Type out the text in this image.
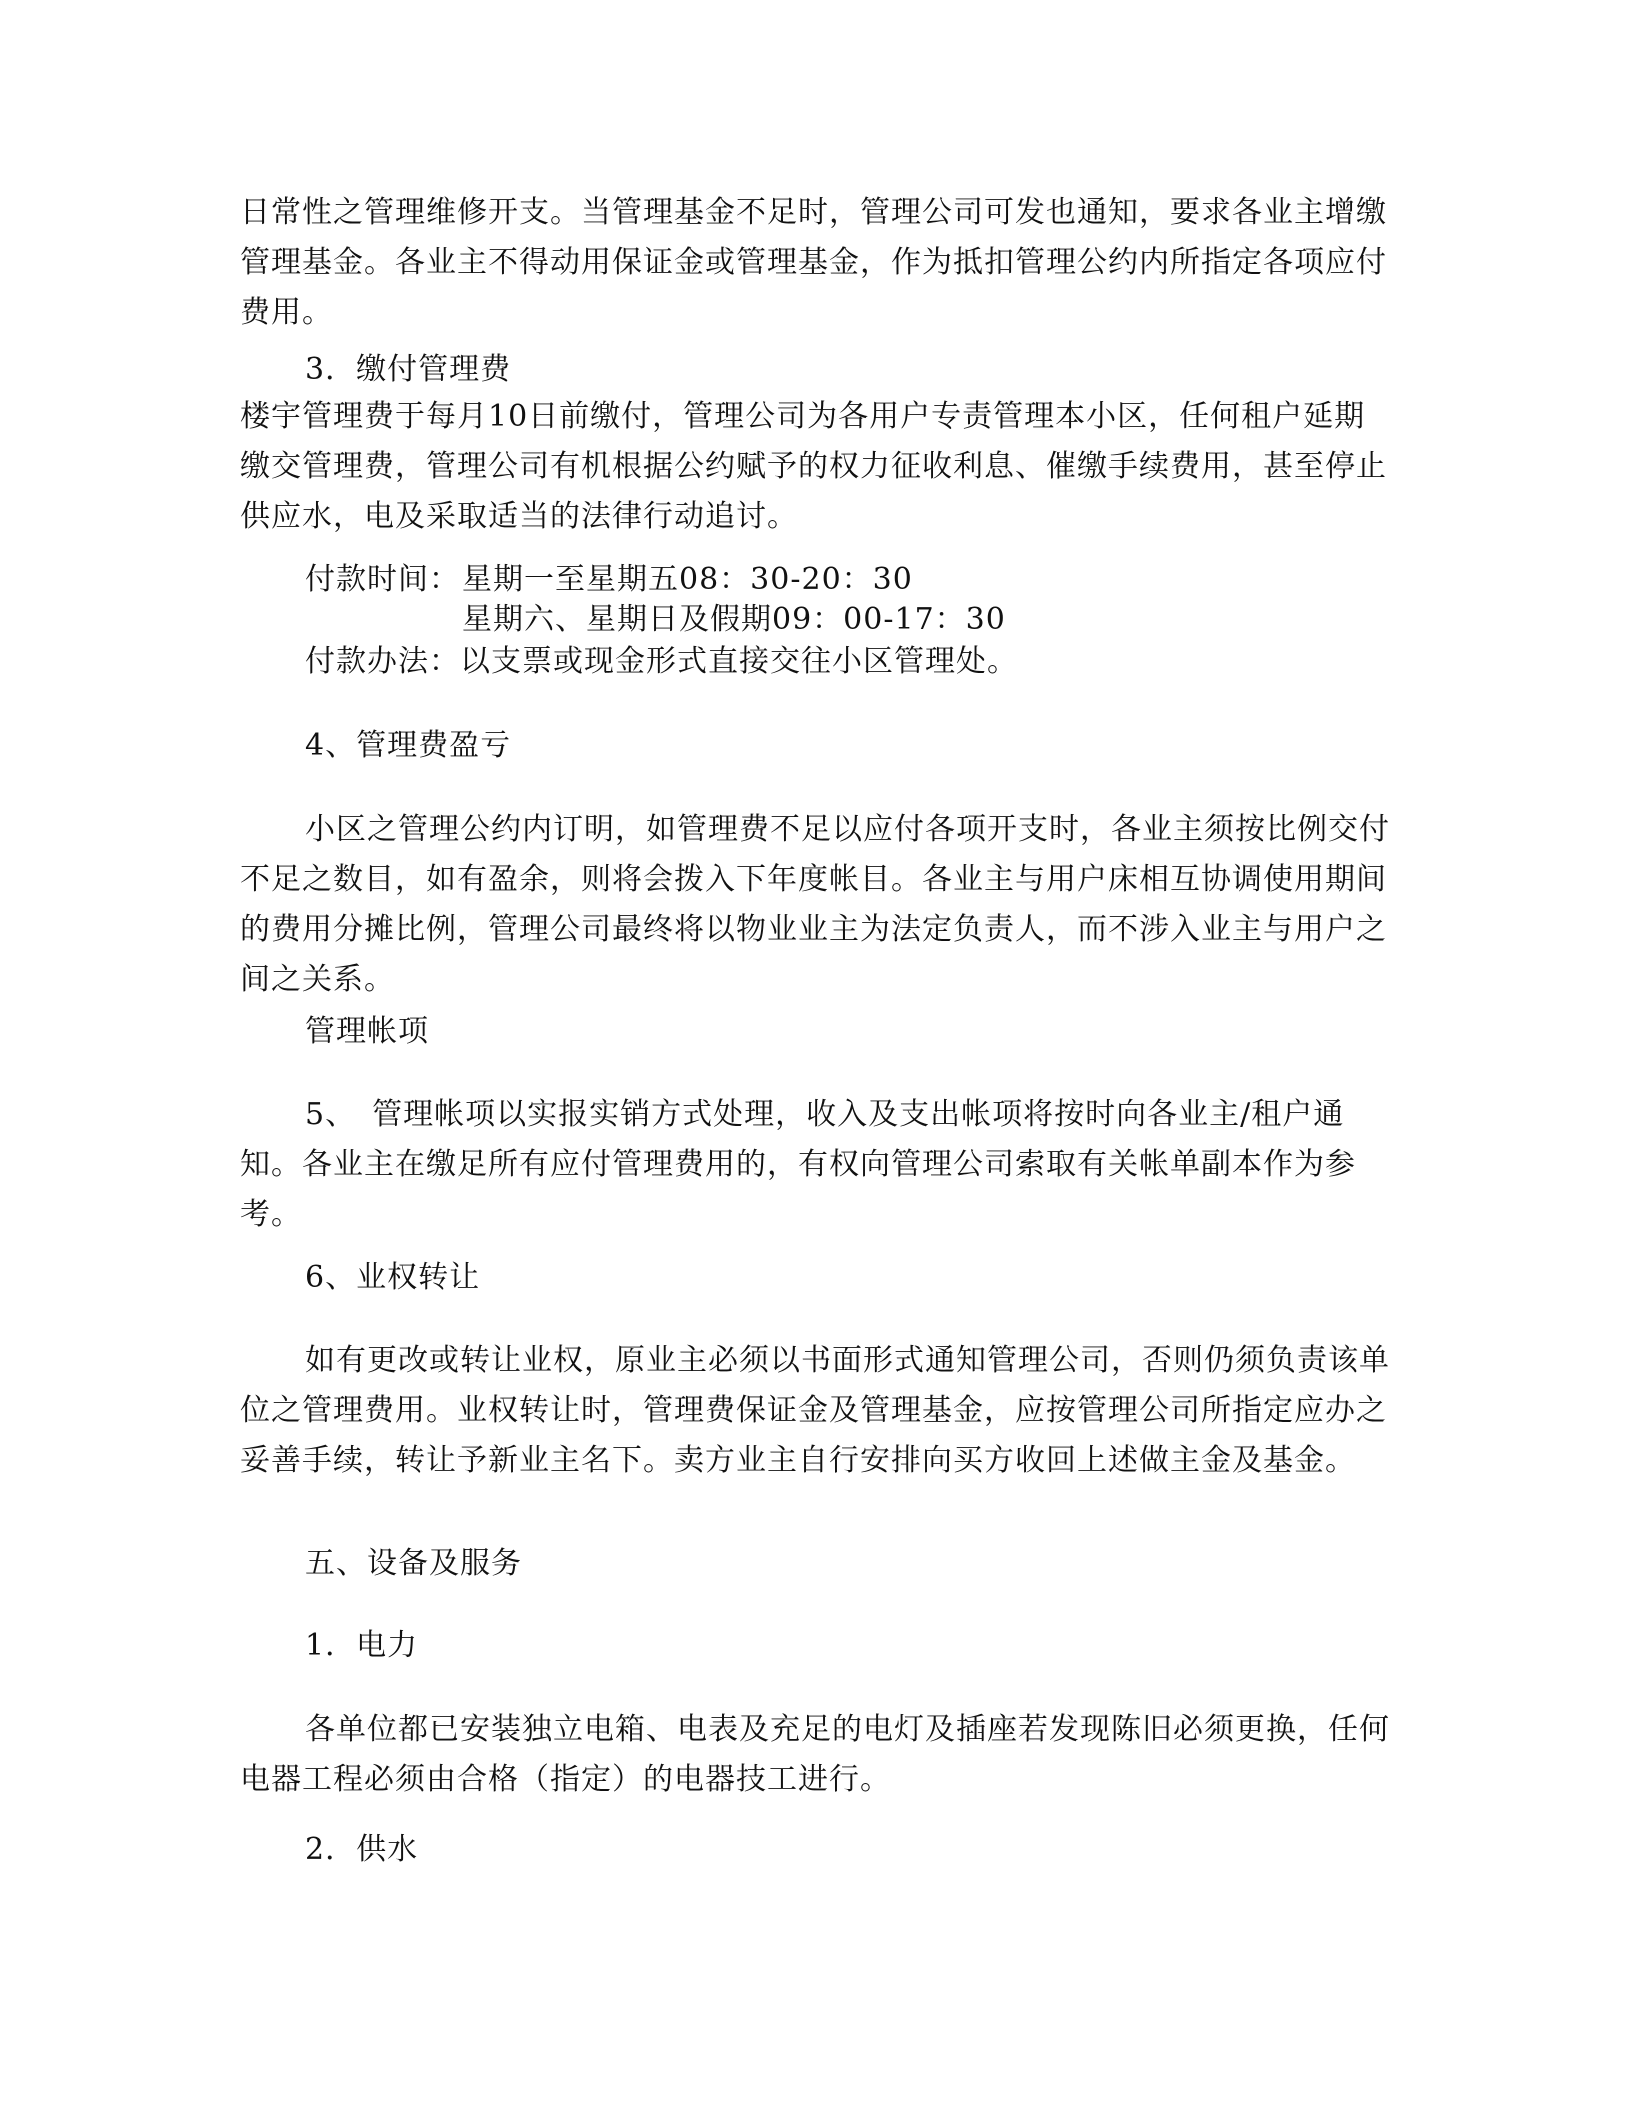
日常性之管理维修开支。当管理基金不足时，管理公司可发也通知，要求各业主增缴管理基金。各业主不得动用保证金或管理基金，作为抵扣管理公约内所指定各项应付费用。

3．缴付管理费

楼宇管理费于每月10日前缴付，管理公司为各用户专责管理本小区，任何租户延期缴交管理费，管理公司有机根据公约赋予的权力征收利息、催缴手续费用，甚至停止供应水，电及采取适当的法律行动追讨。

付款时间： 星期一至星期五08：30-20：30

星期六、星期日及假期09：00-17：30

付款办法：以支票或现金形式直接交往小区管理处。

4、管理费盈亏

小区之管理公约内订明，如管理费不足以应付各项开支时，各业主须按比例交付不足之数目，如有盈余，则将会拨入下年度帐目。各业主与用户床相互协调使用期间的费用分摊比例，管理公司最终将以物业业主为法定负责人，而不涉入业主与用户之间之关系。

管理帐项

5、　管理帐项以实报实销方式处理，收入及支出帐项将按时向各业主/租户通知。各业主在缴足所有应付管理费用的，有权向管理公司索取有关帐单副本作为参考。

6、业权转让

如有更改或转让业权，原业主必须以书面形式通知管理公司，否则仍须负责该单位之管理费用。业权转让时，管理费保证金及管理基金，应按管理公司所指定应办之妥善手续，转让予新业主名下。卖方业主自行安排向买方收回上述做主金及基金。

五、设备及服务

1．电力

各单位都已安装独立电箱、电表及充足的电灯及插座若发现陈旧必须更换，任何电器工程必须由合格（指定）的电器技工进行。

2．供水
